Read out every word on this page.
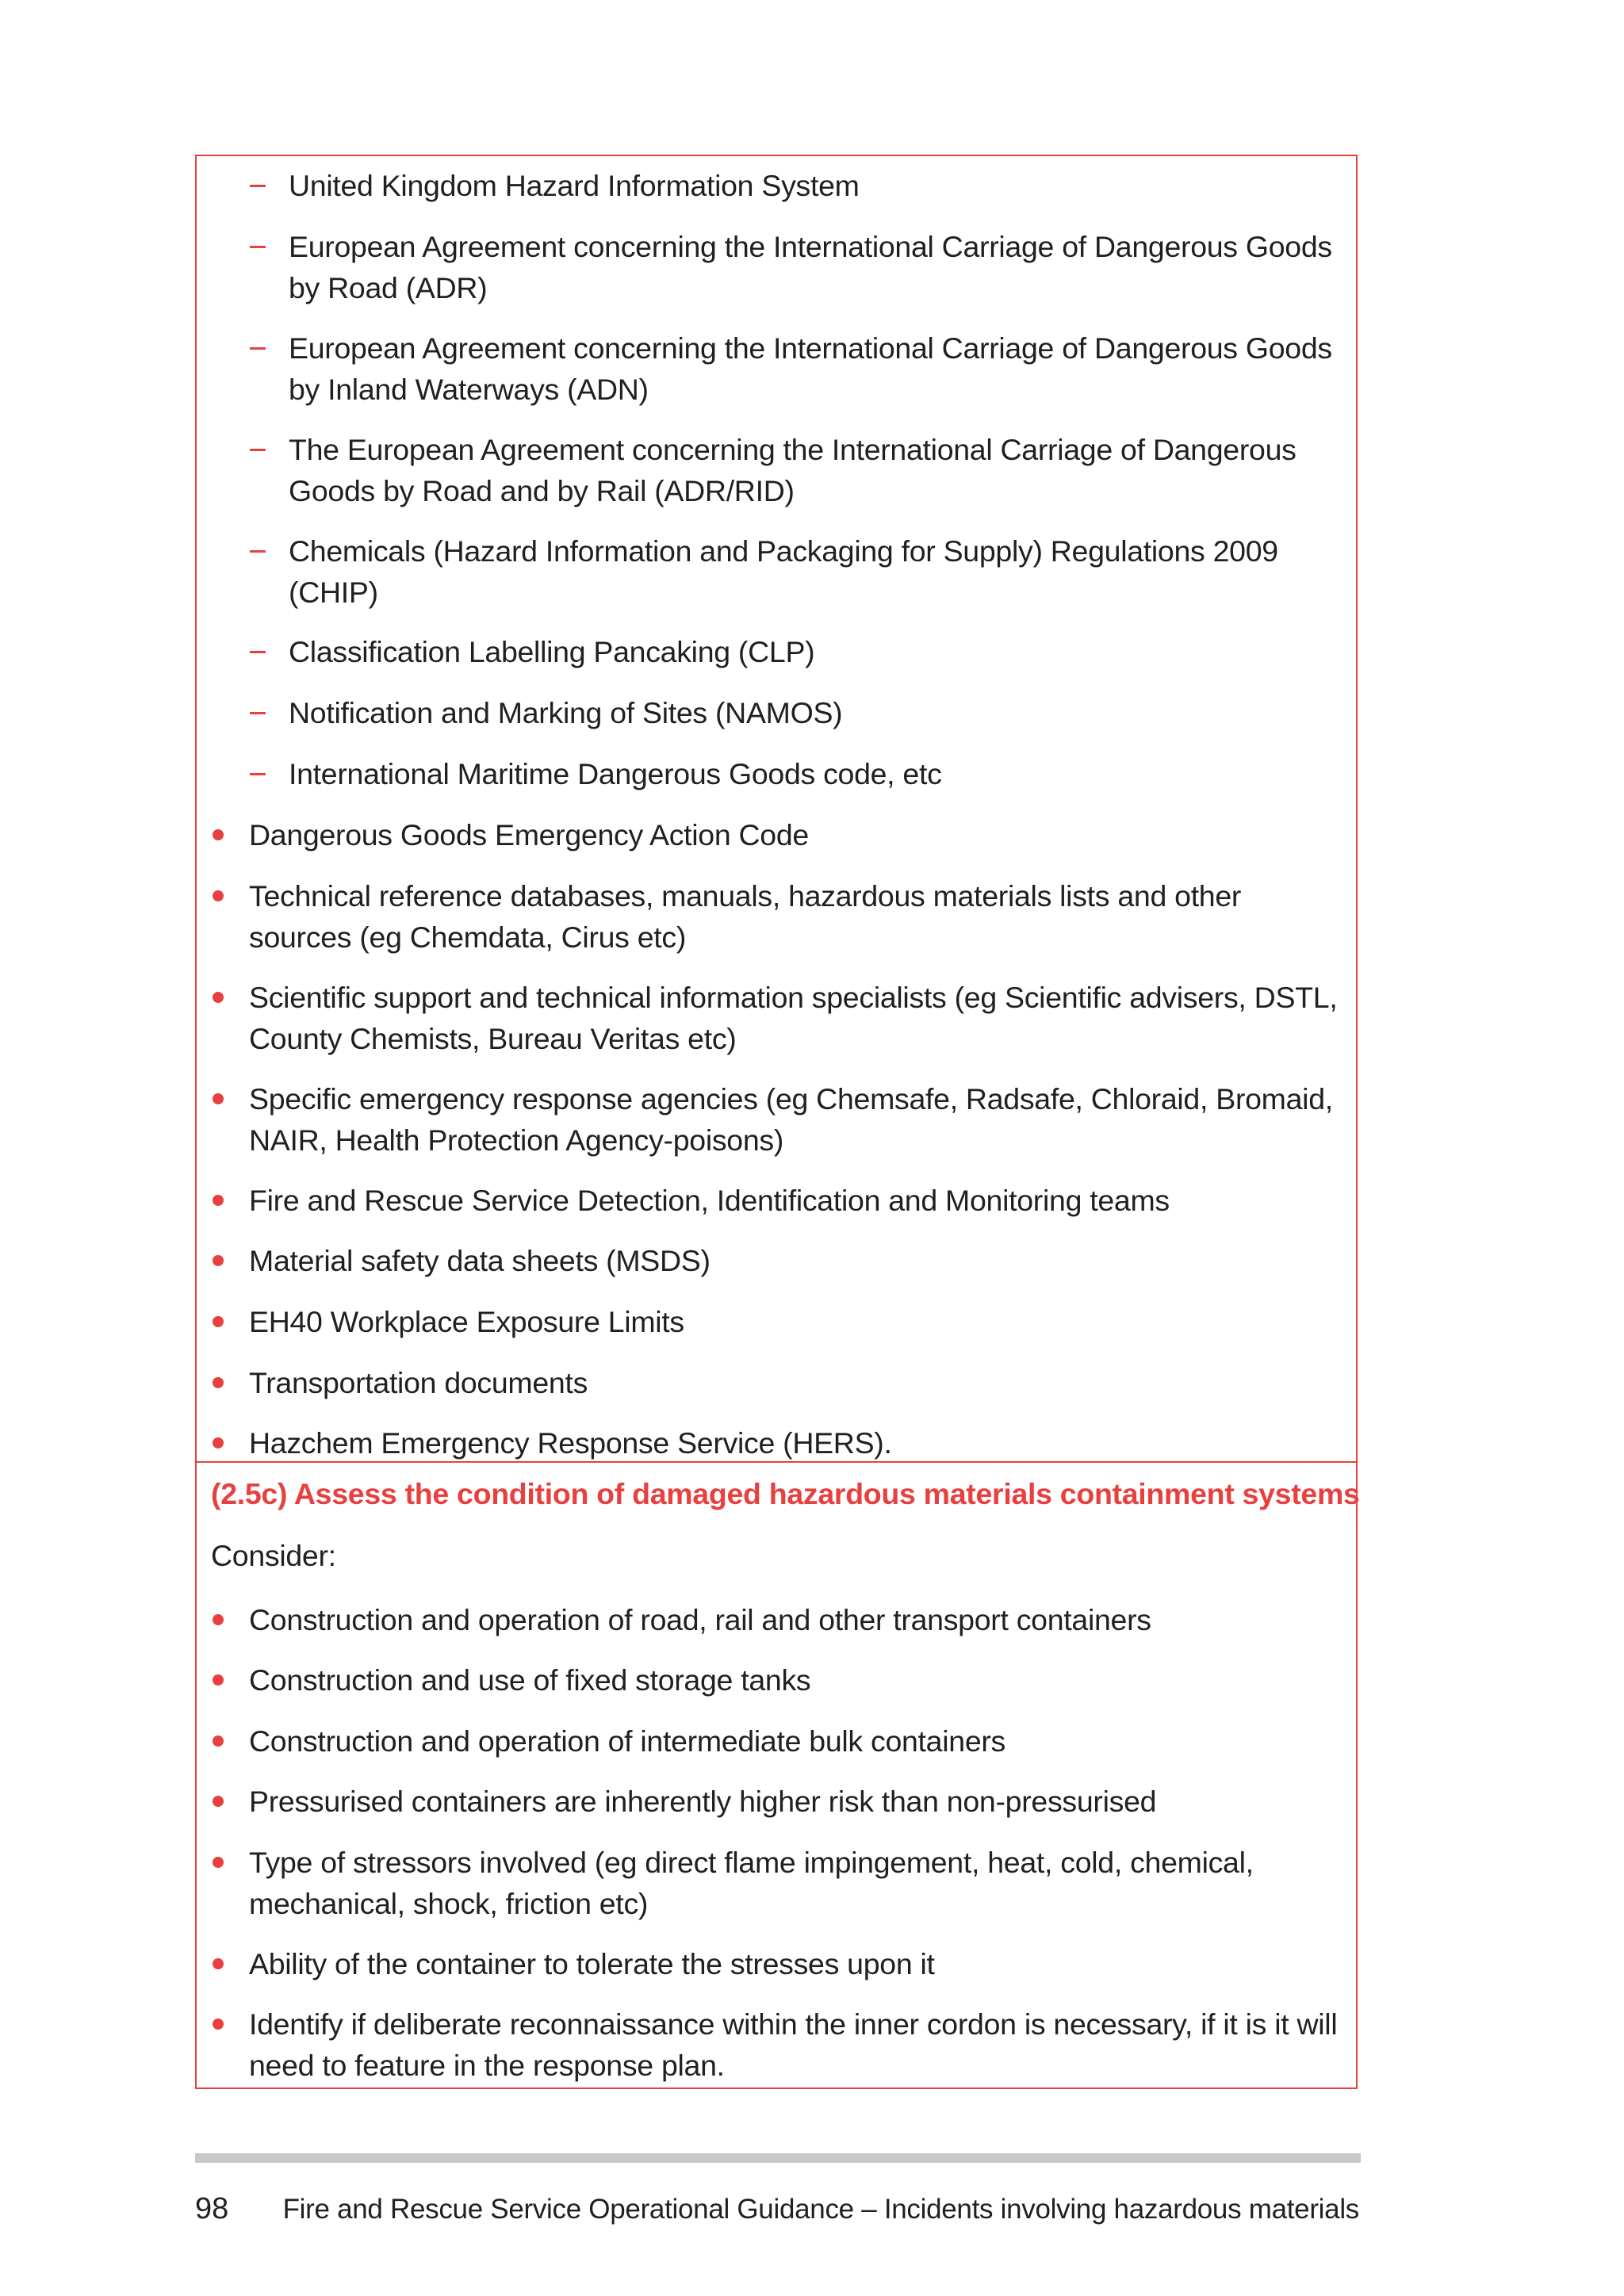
United Kingdom Hazard Information System

European Agreement concerning the International Carriage of Dangerous Goods by Road (ADR)

European Agreement concerning the International Carriage of Dangerous Goods by Inland Waterways (ADN)

The European Agreement concerning the International Carriage of Dangerous Goods by Road and by Rail (ADR/RID)

Chemicals (Hazard Information and Packaging for Supply) Regulations 2009 (CHIP)

Classification Labelling Pancaking (CLP)

Notification and Marking of Sites (NAMOS)

International Maritime Dangerous Goods code, etc

Dangerous Goods Emergency Action Code

Technical reference databases, manuals, hazardous materials lists and other sources (eg Chemdata, Cirus etc)

Scientific support and technical information specialists (eg Scientific advisers, DSTL, County Chemists, Bureau Veritas etc)

Specific emergency response agencies (eg Chemsafe, Radsafe, Chloraid, Bromaid, NAIR, Health Protection Agency-poisons)

Fire and Rescue Service Detection, Identification and Monitoring teams

Material safety data sheets (MSDS)

EH40 Workplace Exposure Limits

Transportation documents

Hazchem Emergency Response Service (HERS).

(2.5c) Assess the condition of damaged hazardous materials containment systems

Consider:

Construction and operation of road, rail and other transport containers

Construction and use of fixed storage tanks

Construction and operation of intermediate bulk containers

Pressurised containers are inherently higher risk than non-pressurised

Type of stressors involved (eg direct flame impingement, heat, cold, chemical, mechanical, shock, friction etc)

Ability of the container to tolerate the stresses upon it

Identify if deliberate reconnaissance within the inner cordon is necessary, if it is it will need to feature in the response plan.

98 Fire and Rescue Service Operational Guidance – Incidents involving hazardous materials
